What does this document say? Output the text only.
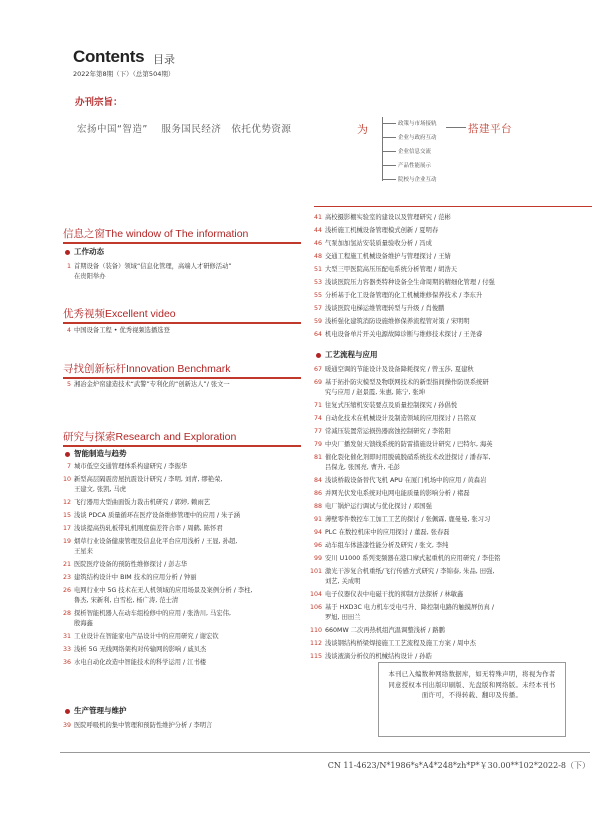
Contents 目录
2022年第8期（下）（总第504期）
办刊宗旨：
宏扬中国“智造”　 服务国民经济　依托优势资源	为	搭建平台
政策与市场接轨
企业与政府互动
企业信息交流
产品性能展示
院校与企业互动
信息之窗The window of The information
工作动态
1 首期设备（装备）领域“信息化管理，高端人才研修活动”
在贵阳举办
优秀视频Excellent video
4 中国设备工程 • 优秀视频选播选登
寻找创新标杆Innovation Benchmark
5 湘冶金炉窑建造技术“武警”专利化的“创新达人”/ 张文一
研究与探索Research and Exploration
智能制造与趋势
7 城市低空交通管理体系构建研究 / 李振华
10 新型高层隔震房屋抗震设计研究 / 李明, 刘青, 缪艳荣,
王建文, 张凯, 马虎
12 飞行器用大型曲面钣力裁击机研究 / 郭婷, 赖雨艺
15 浅谈 PDCA 质量循环在医疗设备维修管理中的应用 / 朱子涵
17 浅谈提高热轧板带轧机刚度偏差符合率 / 周鹤, 陈怀君
19 烟草行业设备健康管理及信息化平台应用浅析 / 王显, 孙超,
王星来
21 医院医疗设备的预防性维修探讨 / 彭志华
23 建筑结构设计中 BIM 技术的应用分析 / 钟丽
26 电网行业中 5G 技术在无人机领域的应用场景及案例分析 / 李柱,
鲁杰, 宋新利, 白雪松, 杨广涛, 范士清
28 探析智能机器人在动车组检修中的应用 / 张浩川, 马宏伟,
殷海鑫
31 工业设计在智能家电产品设计中的应用研究 / 谢宏钦
33 浅析 5G 无线网络架构对传输网的影响 / 戚贝杰
36 水电自动化改造中智能技术的科学运用 / 江书楼
生产管理与维护
39 医院呼吸机的集中管理和预防性维护分析 / 李明言
41 高校摄影棚实验室的建设以及管理研究 / 范彬
44 浅析施工机械设备管理模式创新 / 夏明春
46 气泵加加氢站安装质量验收分析 / 冯成
48 交通工程施工机械设备维护与管理探讨 / 王婧
51 大型三甲医院高压压配电系统分析管理 / 胡浩天
53 浅谈医院压力容器类特种设备全生命周期的精细化管理 / 付强
55 分析基于化工设备管理的化工机械维修保养技术 / 李东升
57 浅谈医院电梯运维管理转型与升级 / 肖俊鹏
59 浅析强化建筑消防设施维修保养流程管对策 / 宋明明
64 机电设备单片开关电源故障诊断与维修技术探讨 / 王尧睿
工艺流程与应用
67 暖通空调的节能设计及设备降耗探究 / 曾玉莎, 夏建秋
69 基于拓扑防灾模型及物联网技术的新型指间操作防误系统研
究与应用 / 赵景霞, 朱惠, 陈宁, 张坤
71 往复式压缩机安装要点及质量控制探究 / 孙倡悦
74 自动化技术在机械设计及制造领域的应用探讨 / 吕铭双
77 常减压装置常运损热器腐蚀控制研究 / 李铭阳
79 中央厂播发射天馈线系统的防雷措施设计研究 / 巴特尔, 海英
81 催化裂化催化剂即时用脱硫脱硝系统技术改进探讨 / 潘春军,
吕保龙, 张国亮, 曹升, 毛彭
84 浅谈桥载设备替代飞机 APU 在厦门机场中的应用 / 黄森岩
86 并网光伏发电系统对电网电能质量的影响分析 / 褚磊
88 电厂锅炉运行调试与优化探讨 / 邓国强
91 薄壁零件数控车工加工工艺的探讨 / 张佩霖, 鹿曼曼, 张习习
94 PLC 在数控机床中的应用探讨 / 董磊, 张春磊
96 动车组车体涟漆性能分析及研究 / 张文, 李纯
99 安川 U1000 系列变频器在港口摩式起重机的应用研究 / 李佳铭
101 激光干涉复合机重纸/飞行传感方式研究 / 李锦泰, 朱品, 田强,
刘艺, 关成明
104 电子仪器仪表中电磁干扰的抑制方法探析 / 林敏鑫
106 基于 HXD3C 电力机车受电弓升、降控制电路的触摸屏仿真 /
罗旭, 田田兰
110 660MW 二次再热机组汽温调整浅析 / 路鹏
112 浅谈钢结构桥梁焊接施工工艺流程及施工方案 / 周中杰
115 浅谈液滴分析仪的机械结构设计 / 孙皓
本刊已入编数种网络数据库，如无特殊声明，将视为作者同意授权本刊出版印刷版、光盘版和网络版。未经本刊书面许可，不得转载、翻印及传播。
CN 11-4623/N*1986*s*A4*248*zh*P*￥30.00**102*2022-8（下）
